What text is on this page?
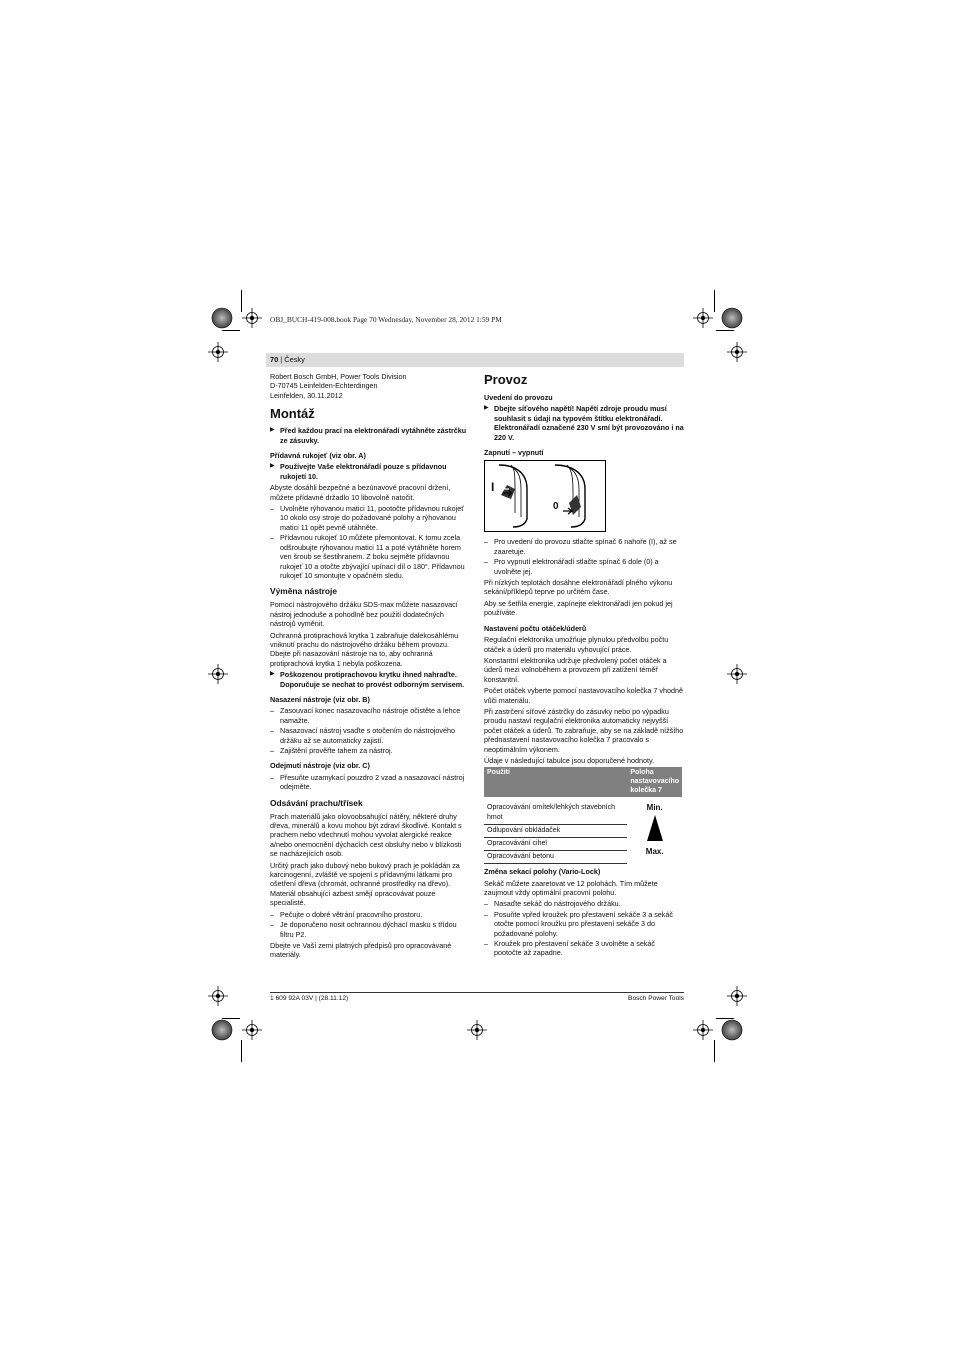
OBJ_BUCH-419-008.book Page 70 Wednesday, November 28, 2012 1:59 PM
70 | Česky

Robert Bosch GmbH, Power Tools Division

D-70745 Leinfelden-Echterdingen

Leinfelden, 30.11.2012

Montáž

▶ Před každou prací na elektronářadí vytáhněte zástrčku ze zásuvky.

Přídavná rukojeť (viz obr. A)

▶ Používejte Vaše elektronářadí pouze s přídavnou rukojetí 10.

Abyste dosáhli bezpečné a bezúnavové pracovní držení, můžete přídavné držadlo 10 libovolně natočit.

– Uvolněte rýhovanou matici 11, pootočte přídavnou rukojeť 10 okolo osy stroje do požadované polohy a rýhovanou matici 11 opět pevně utáhněte.
– Přídavnou rukojeť 10 můžete přemontovat. K tomu zcela odšroubujte rýhovanou matici 11 a poté vytáhněte horem ven šroub se šestihranem. Z boku sejměte přídavnou rukojeť 10 a otočte zbývající upínací díl o 180°. Přídavnou rukojeť 10 smontujte v opačném sledu.
Výměna nástroje

Pomocí nástrojového držáku SDS-max můžete nasazovací nástroj jednoduše a pohodlně bez použití dodatečných nástrojů vyměnit.

Ochranná protiprachová krytka 1 zabraňuje dalekosáhlému vniknutí prachu do nástrojového držáku během provozu. Dbejte při nasazování nástroje na to, aby ochranná protiprachová krytka 1 nebyla poškozena.

▶ Poškozenou protiprachovou krytku ihned nahraďte. Doporučuje se nechat to provést odborným servisem.

Nasazení nástroje (viz obr. B)
– Zasouvací konec nasazovacího nástroje očistěte a lehce namažte.
– Nasazovací nástroj vsaďte s otočením do nástrojového držáku až se automaticky zajistí.
– Zajištění prověřte tahem za nástroj.
Odejmutí nástroje (viz obr. C)
– Přesuňte uzamykací pouzdro 2 vzad a nasazovací nástroj odejměte.
Odsávání prachu/třísek

Prach materiálů jako olovoobsahující nátěry, některé druhy dřeva, minerálů a kovu mohou být zdraví škodlivé. Kontakt s prachem nebo vdechnutí mohou vyvolat alergické reakce a/nebo onemocnění dýchacích cest obsluhy nebo v blízkosti se nacházejících osob.

Určitý prach jako dubový nebo bukový prach je pokládán za karcinogenní, zvláště ve spojení s přídavnými látkami pro ošetření dřeva (chromát, ochranné prostředky na dřevo). Materiál obsahující azbest smějí opracovávat pouze specialisté.

– Pečujte o dobré větrání pracovního prostoru.
– Je doporučeno nosit ochrannou dýchací masku s třídou filtru P2.

Dbejte ve Vaší zemi platných předpisů pro opracovávané materiály.

Provoz
Uvedení do provozu

▶ Dbejte síťového napětí! Napětí zdroje proudu musí souhlasit s údaji na typovém štítku elektronářadí. Elektronářadí označené 230 V smí být provozováno i na 220 V.

Zapnutí – vypnutí
I
0
– Pro uvedení do provozu stlačte spínač 6 nahoře (I), až se zaaretuje.
– Pro vypnutí elektronářadí stlačte spínač 6 dole (0) a uvolněte jej.

Při nízkých teplotách dosáhne elektronářadí plného výkonu sekání/příklepů teprve po určitém čase.

Aby se šetřila energie, zapínejte elektronářadí jen pokud jej používáte.

Nastavení počtu otáček/úderů

Regulační elektronika umožňuje plynulou předvolbu počtu otáček a úderů pro materiálu vyhovující práce.

Konstantní elektronika udržuje předvolený počet otáček a úderů mezi volnoběhem a provozem při zatížení téměř konstantní.

Počet otáček vyberte pomocí nastavovacího kolečka 7 vhodně vůči materiálu.

Při zastrčení síťové zástrčky do zásuvky nebo po výpadku proudu nastaví regulační elektronika automaticky nejvyšší počet otáček a úderů. To zabraňuje, aby se na základě nížšího přednastavení nastavovacího kolečka 7 pracovalo s neoptimálním výkonem.

Údaje v následující tabulce jsou doporučené hodnoty.

Použití	Poloha nastavovacího kolečka 7
Opracovávání omítek/lehkých stavebních hmot	Min.
Max.

Odlupování obkládaček	
Opracovávání cihel	
Opracovávání betonu	
Změna sekací polohy (Vario-Lock)

Sekáč můžete zaaretovat ve 12 polohách. Tím můžete zaujmout vždy optimální pracovní polohu.

– Nasaďte sekáč do nástrojového držáku.
– Posuňte vpřed kroužek pro přestavení sekáče 3 a sekáč otočte pomocí kroužku pro přestavení sekáče 3 do požadované polohy.
– Kroužek pro přestavení sekáče 3 uvolněte a sekáč pootočte až zapadne.
1 609 92A 03V | (28.11.12)	Bosch Power Tools
